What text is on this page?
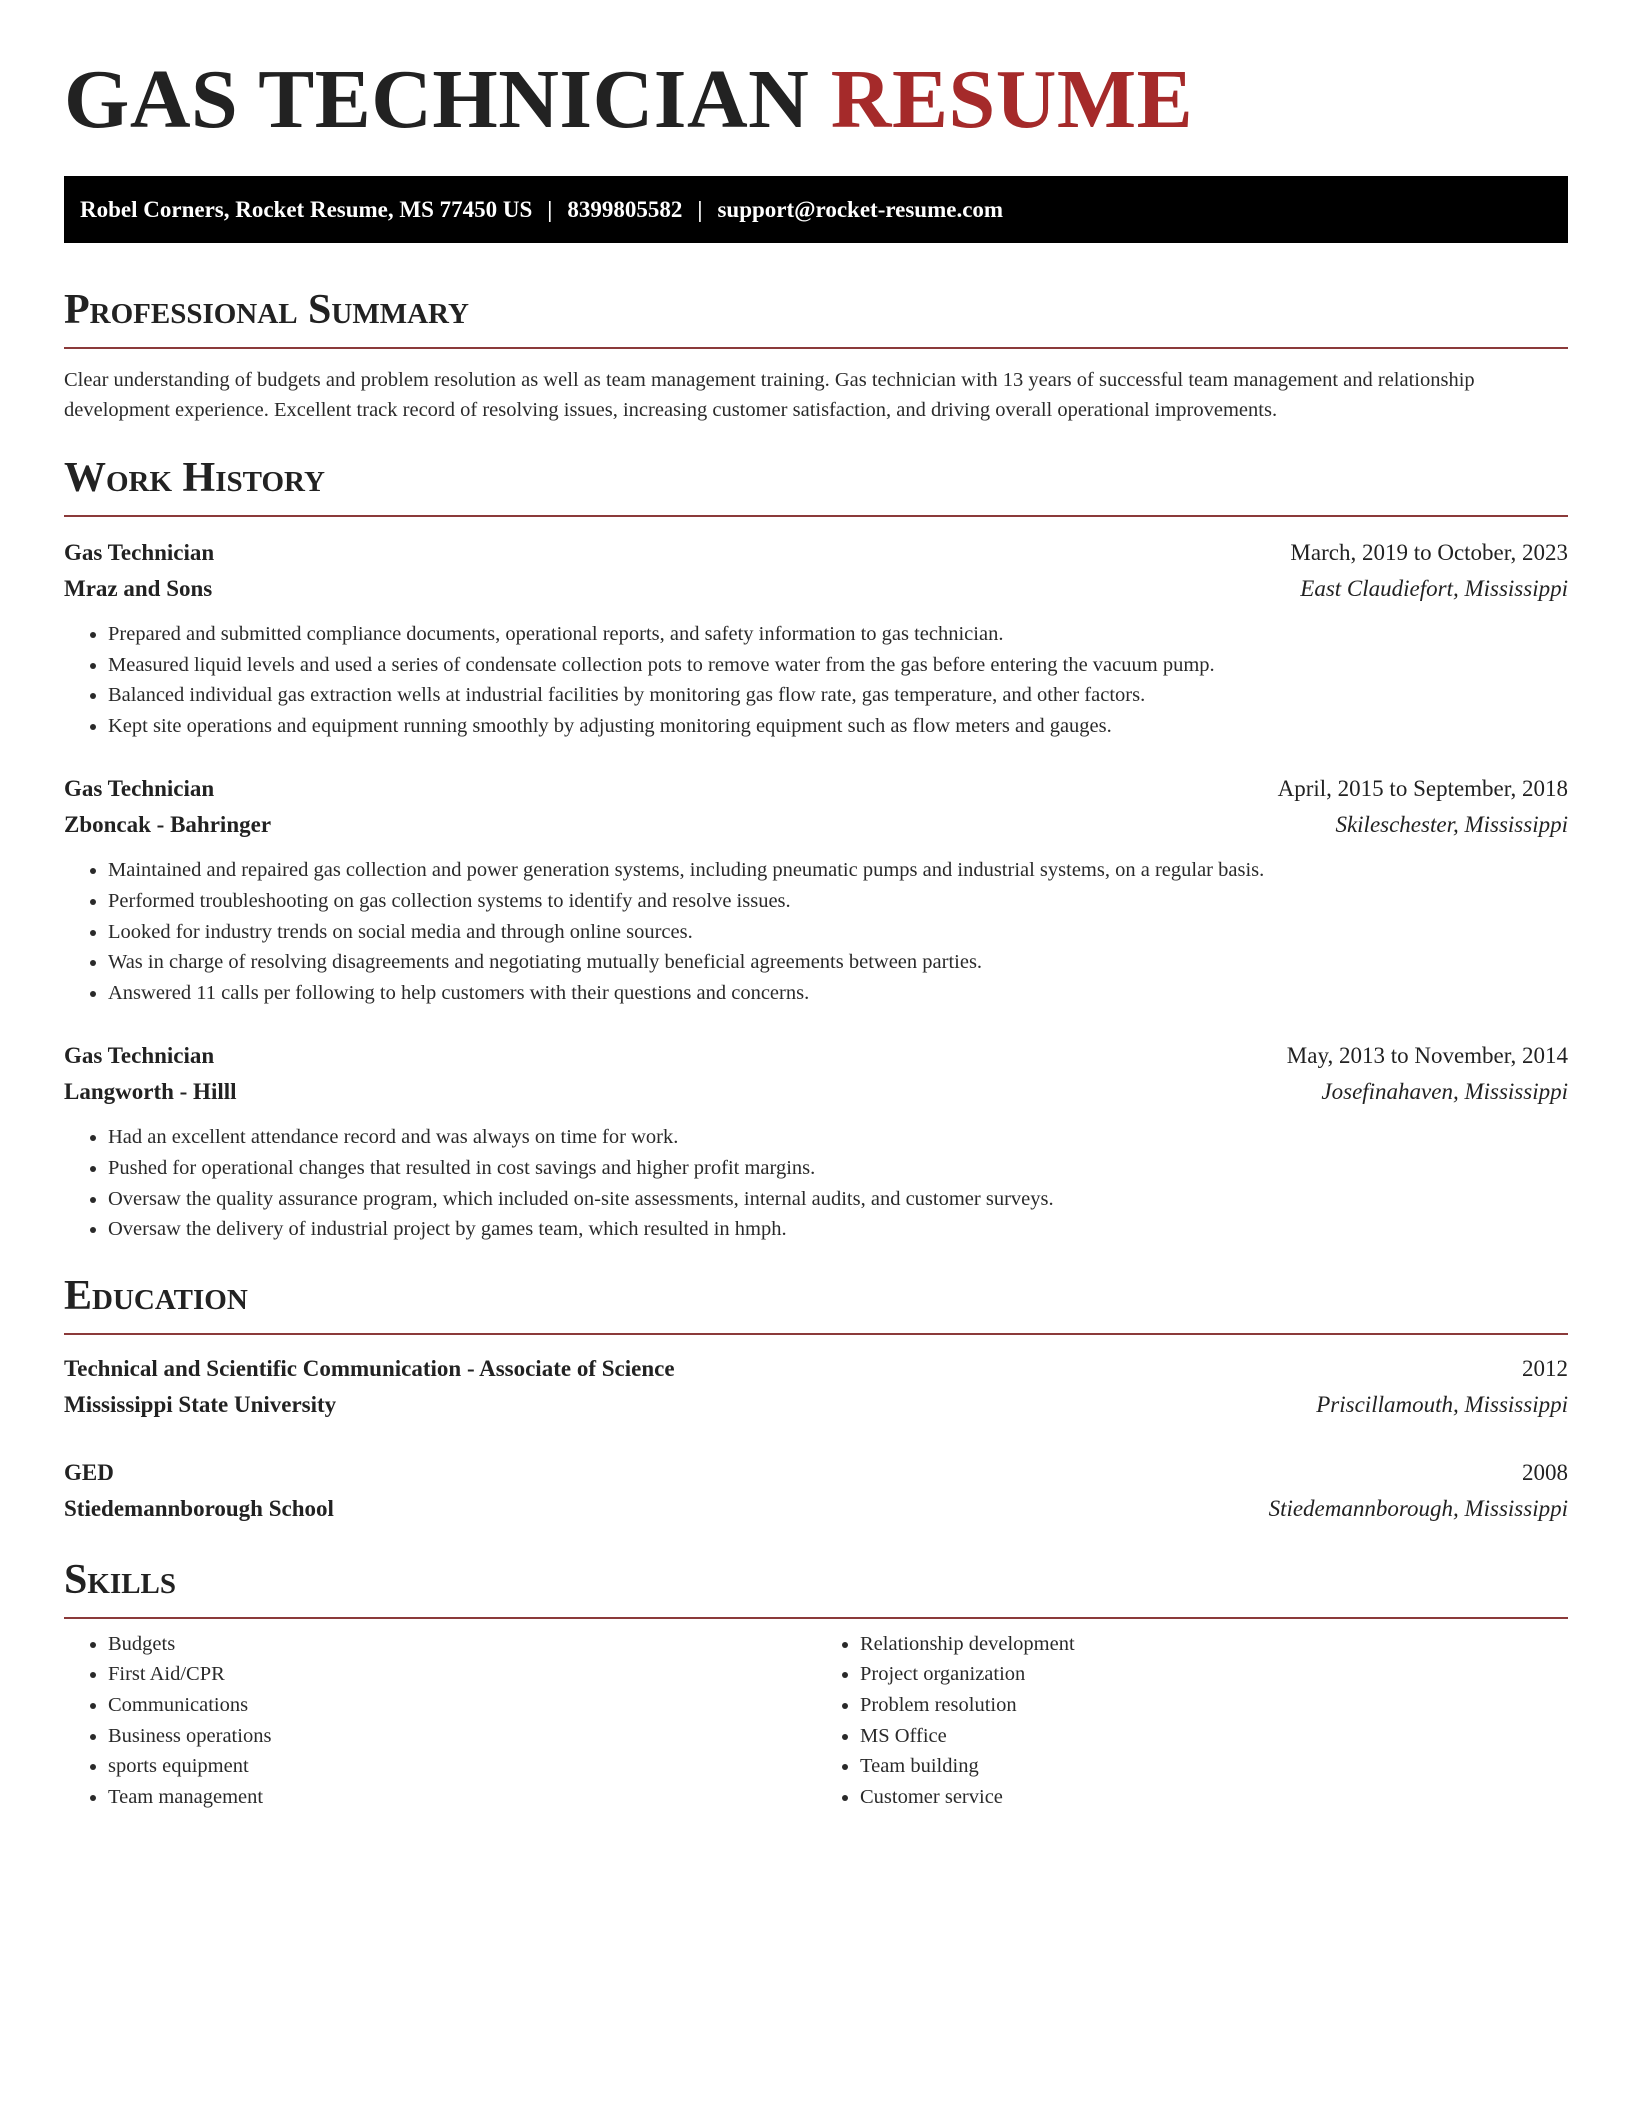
GAS TECHNICIAN RESUME
Robel Corners, Rocket Resume, MS 77450 US | 8399805582 | support@rocket-resume.com
Professional Summary

Clear understanding of budgets and problem resolution as well as team management training. Gas technician with 13 years of successful team management and relationship development experience. Excellent track record of resolving issues, increasing customer satisfaction, and driving overall operational improvements.

Work History
Gas Technician	March, 2019 to October, 2023
Mraz and Sons	East Claudiefort, Mississippi
• Prepared and submitted compliance documents, operational reports, and safety information to gas technician.
• Measured liquid levels and used a series of condensate collection pots to remove water from the gas before entering the vacuum pump.
• Balanced individual gas extraction wells at industrial facilities by monitoring gas flow rate, gas temperature, and other factors.
• Kept site operations and equipment running smoothly by adjusting monitoring equipment such as flow meters and gauges.
Gas Technician	April, 2015 to September, 2018
Zboncak - Bahringer	Skileschester, Mississippi
• Maintained and repaired gas collection and power generation systems, including pneumatic pumps and industrial systems, on a regular basis.
• Performed troubleshooting on gas collection systems to identify and resolve issues.
• Looked for industry trends on social media and through online sources.
• Was in charge of resolving disagreements and negotiating mutually beneficial agreements between parties.
• Answered 11 calls per following to help customers with their questions and concerns.
Gas Technician	May, 2013 to November, 2014
Langworth - Hilll	Josefinahaven, Mississippi
• Had an excellent attendance record and was always on time for work.
• Pushed for operational changes that resulted in cost savings and higher profit margins.
• Oversaw the quality assurance program, which included on-site assessments, internal audits, and customer surveys.
• Oversaw the delivery of industrial project by games team, which resulted in hmph.
Education
Technical and Scientific Communication - Associate of Science	2012
Mississippi State University	Priscillamouth, Mississippi
GED	2008
Stiedemannborough School	Stiedemannborough, Mississippi
Skills
• Budgets
• First Aid/CPR
• Communications
• Business operations
• sports equipment
• Team management
• Relationship development
• Project organization
• Problem resolution
• MS Office
• Team building
• Customer service
